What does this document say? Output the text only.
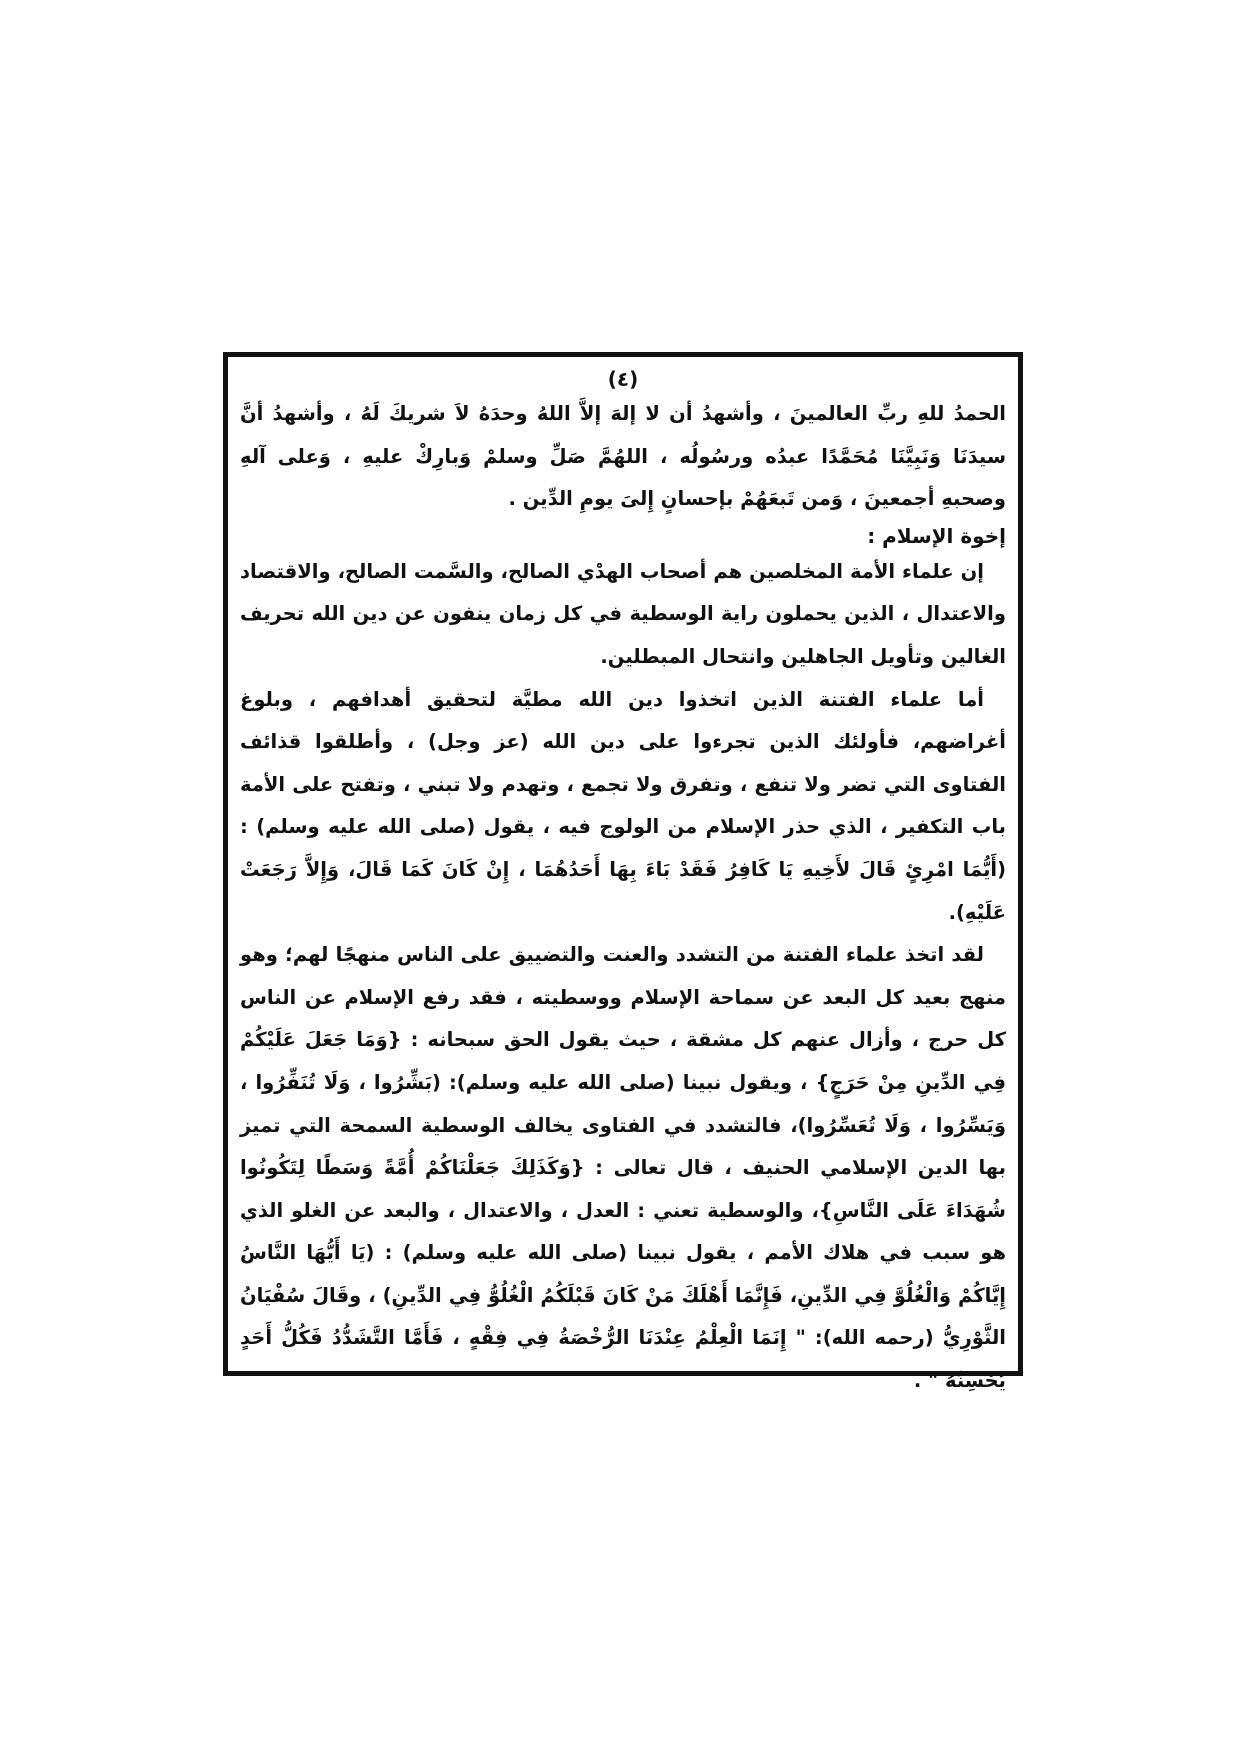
(٤)

الحمدُ للهِ ربِّ العالمينَ ، وأشهدُ أن لا إلهَ إلاَّ اللهُ وحدَهُ لاَ شريكَ لَهُ ، وأشهدُ أنَّ سيدَنَا وَنَبِيَّنَا مُحَمَّدًا عبدُه ورسُولُه ، اللهُمَّ صَلِّ وسلمْ وَبارِكْ عليهِ ، وَعلى آلهِ وصحبهِ أجمعينَ ، وَمن تَبعَهُمْ بإحسانٍ إِلىَ يومِ الدِّين .

إخوة الإسلام :

إن علماء الأمة المخلصين هم أصحاب الهدْي الصالح، والسَّمت الصالح، والاقتصاد والاعتدال ، الذين يحملون راية الوسطية في كل زمان ينفون عن دين الله تحريف الغالين وتأويل الجاهلين وانتحال المبطلين.

أما علماء الفتنة الذين اتخذوا دين الله مطيَّة لتحقيق أهدافهم ، وبلوغ أغراضهم، فأولئك الذين تجرءوا على دين الله (عز وجل) ، وأطلقوا قذائف الفتاوى التي تضر ولا تنفع ، وتفرق ولا تجمع ، وتهدم ولا تبني ، وتفتح على الأمة باب التكفير ، الذي حذر الإسلام من الولوج فيه ، يقول (صلى الله عليه وسلم) : (أَيُّمَا امْرِئٍ قَالَ لأَخِيهِ يَا كَافِرُ فَقَدْ بَاءَ بِهَا أَحَدُهُمَا ، إِنْ كَانَ كَمَا قَالَ، وَإِلاَّ رَجَعَتْ عَلَيْهِ).

لقد اتخذ علماء الفتنة من التشدد والعنت والتضييق على الناس منهجًا لهم؛ وهو منهج بعيد كل البعد عن سماحة الإسلام ووسطيته ، فقد رفع الإسلام عن الناس كل حرج ، وأزال عنهم كل مشقة ، حيث يقول الحق سبحانه : {وَمَا جَعَلَ عَلَيْكُمْ فِي الدِّينِ مِنْ حَرَجٍ} ، ويقول نبينا (صلى الله عليه وسلم): (بَشِّرُوا ، وَلَا تُنَفِّرُوا ، وَيَسِّرُوا ، وَلَا تُعَسِّرُوا)، فالتشدد في الفتاوى يخالف الوسطية السمحة التي تميز بها الدين الإسلامي الحنيف ، قال تعالى : {وَكَذَلِكَ جَعَلْنَاكُمْ أُمَّةً وَسَطًا لِتَكُونُوا شُهَدَاءَ عَلَى النَّاسِ}، والوسطية تعني : العدل ، والاعتدال ، والبعد عن الغلو الذي هو سبب في هلاك الأمم ، يقول نبينا (صلى الله عليه وسلم) : (يَا أَيُّهَا النَّاسُ إِيَّاكُمْ وَالْغُلُوَّ فِي الدِّينِ، فَإِنَّمَا أَهْلَكَ مَنْ كَانَ قَبْلَكُمُ الْغُلُوُّ فِي الدِّينِ) ، وقَالَ سُفْيَانُ الثَّوْرِيُّ (رحمه الله): " إِنَمَا الْعِلْمُ عِنْدَنَا الرُّخْصَةُ فِي فِقْهٍ ، فَأَمَّا التَّشَدُّدُ فَكُلُّ أَحَدٍ يُحْسِنُهُ " .
